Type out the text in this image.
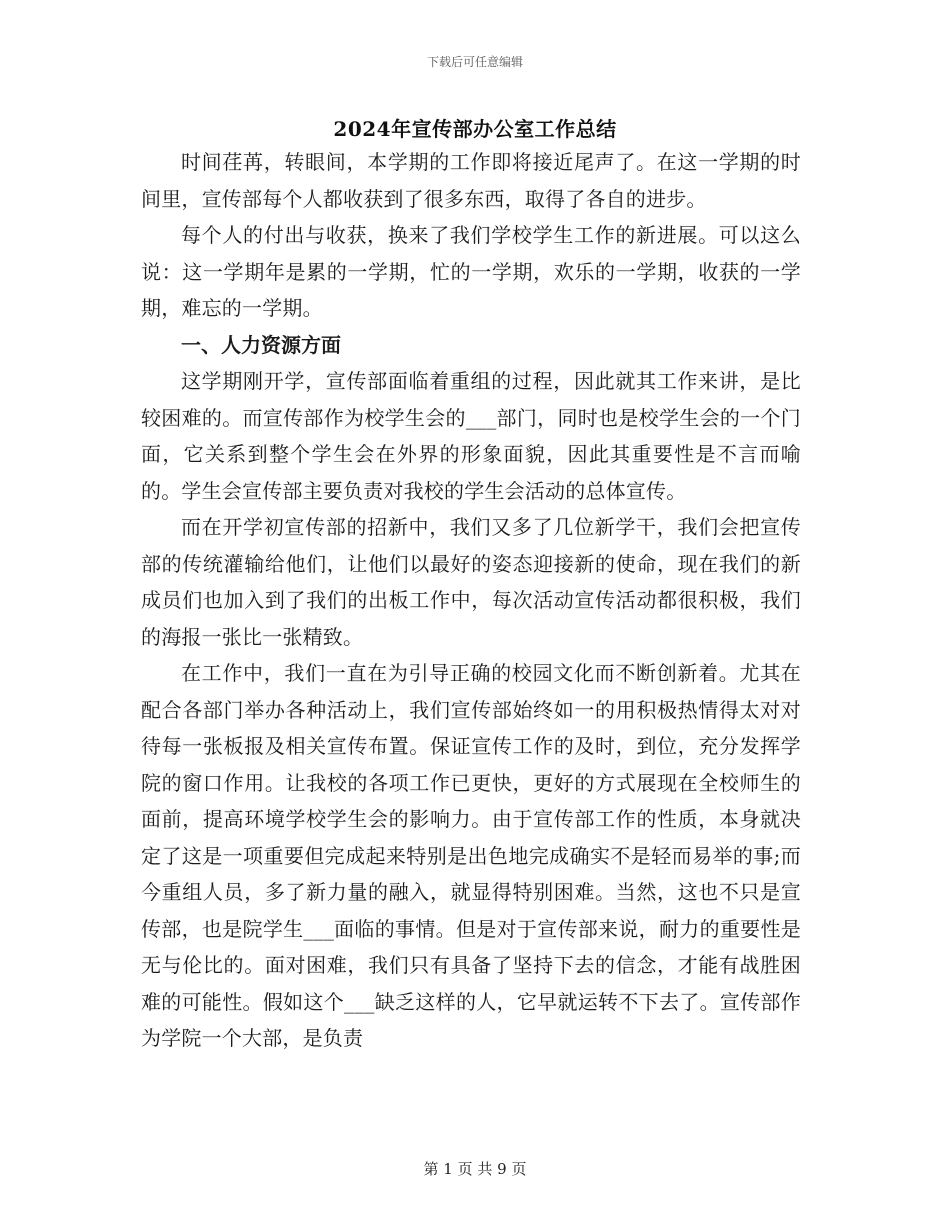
下载后可任意编辑
2024年宣传部办公室工作总结

时间荏苒，转眼间，本学期的工作即将接近尾声了。在这一学期的时间里，宣传部每个人都收获到了很多东西，取得了各自的进步。

每个人的付出与收获，换来了我们学校学生工作的新进展。可以这么说：这一学期年是累的一学期，忙的一学期，欢乐的一学期，收获的一学期，难忘的一学期。

一、人力资源方面

这学期刚开学，宣传部面临着重组的过程，因此就其工作来讲，是比较困难的。而宣传部作为校学生会的___部门，同时也是校学生会的一个门面，它关系到整个学生会在外界的形象面貌，因此其重要性是不言而喻的。学生会宣传部主要负责对我校的学生会活动的总体宣传。

而在开学初宣传部的招新中，我们又多了几位新学干，我们会把宣传部的传统灌输给他们，让他们以最好的姿态迎接新的使命，现在我们的新成员们也加入到了我们的出板工作中，每次活动宣传活动都很积极，我们的海报一张比一张精致。

在工作中，我们一直在为引导正确的校园文化而不断创新着。尤其在配合各部门举办各种活动上，我们宣传部始终如一的用积极热情得太对对待每一张板报及相关宣传布置。保证宣传工作的及时，到位，充分发挥学院的窗口作用。让我校的各项工作已更快，更好的方式展现在全校师生的面前，提高环境学校学生会的影响力。由于宣传部工作的性质，本身就决定了这是一项重要但完成起来特别是出色地完成确实不是轻而易举的事;而今重组人员，多了新力量的融入，就显得特别困难。当然，这也不只是宣传部，也是院学生___面临的事情。但是对于宣传部来说，耐力的重要性是无与伦比的。面对困难，我们只有具备了坚持下去的信念，才能有战胜困难的可能性。假如这个___缺乏这样的人，它早就运转不下去了。宣传部作为学院一个大部，是负责

第 1 页 共 9 页
